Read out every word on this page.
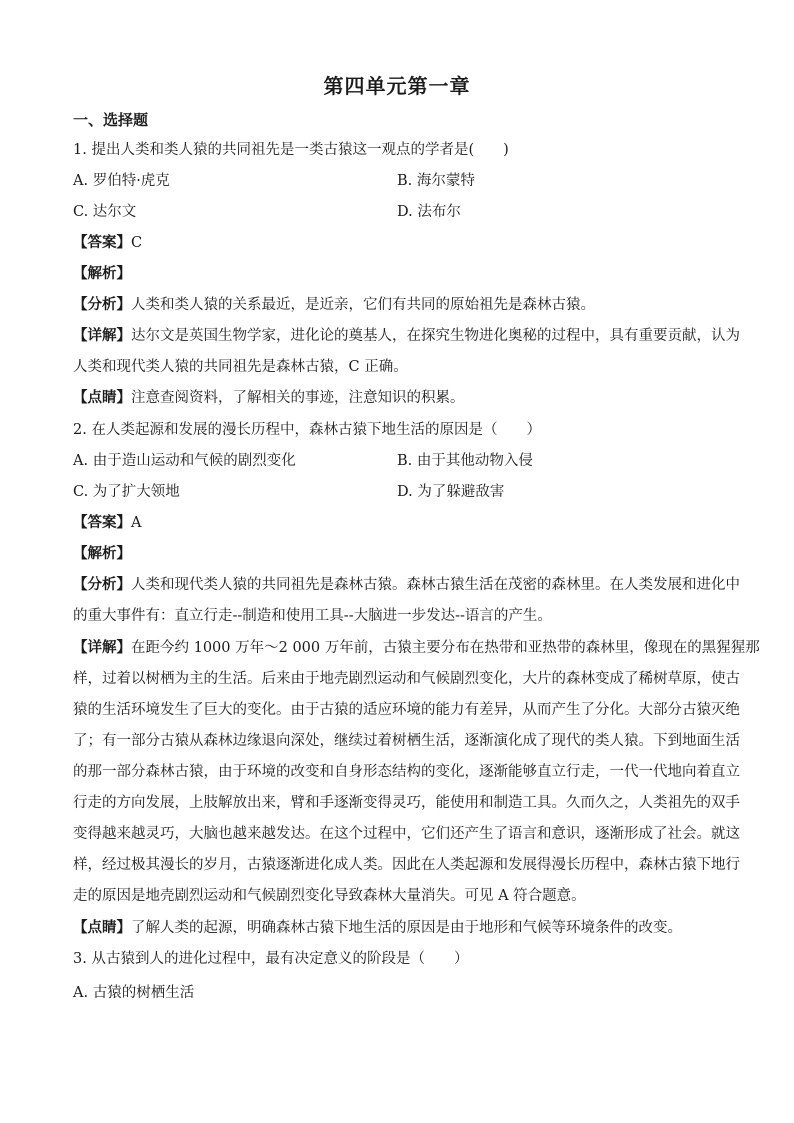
第四单元第一章
一、选择题
1. 提出人类和类人猿的共同祖先是一类古猿这一观点的学者是(　　)
A. 罗伯特·虎克	B. 海尔蒙特
C. 达尔文	D. 法布尔
【答案】C
【解析】
【分析】人类和类人猿的关系最近，是近亲，它们有共同的原始祖先是森林古猿。
【详解】达尔文是英国生物学家，进化论的奠基人，在探究生物进化奥秘的过程中，具有重要贡献，认为
人类和现代类人猿的共同祖先是森林古猿，C 正确。
【点睛】注意查阅资料，了解相关的事迹，注意知识的积累。
2. 在人类起源和发展的漫长历程中，森林古猿下地生活的原因是（　　）
A. 由于造山运动和气候的剧烈变化	B. 由于其他动物入侵
C. 为了扩大领地	D. 为了躲避敌害
【答案】A
【解析】
【分析】人类和现代类人猿的共同祖先是森林古猿。森林古猿生活在茂密的森林里。在人类发展和进化中
的重大事件有：直立行走--制造和使用工具--大脑进一步发达--语言的产生。
【详解】在距今约 1000 万年～2 000 万年前，古猿主要分布在热带和亚热带的森林里，像现在的黑猩猩那
样，过着以树栖为主的生活。后来由于地壳剧烈运动和气候剧烈变化，大片的森林变成了稀树草原，使古
猿的生活环境发生了巨大的变化。由于古猿的适应环境的能力有差异，从而产生了分化。大部分古猿灭绝
了；有一部分古猿从森林边缘退向深处，继续过着树栖生活，逐渐演化成了现代的类人猿。下到地面生活
的那一部分森林古猿，由于环境的改变和自身形态结构的变化，逐渐能够直立行走，一代一代地向着直立
行走的方向发展，上肢解放出来，臂和手逐渐变得灵巧，能使用和制造工具。久而久之，人类祖先的双手
变得越来越灵巧，大脑也越来越发达。在这个过程中，它们还产生了语言和意识，逐渐形成了社会。就这
样，经过极其漫长的岁月，古猿逐渐进化成人类。因此在人类起源和发展得漫长历程中，森林古猿下地行
走的原因是地壳剧烈运动和气候剧烈变化导致森林大量消失。可见 A 符合题意。
【点睛】了解人类的起源，明确森林古猿下地生活的原因是由于地形和气候等环境条件的改变。
3. 从古猿到人的进化过程中，最有决定意义的阶段是（　　）
A. 古猿的树栖生活
